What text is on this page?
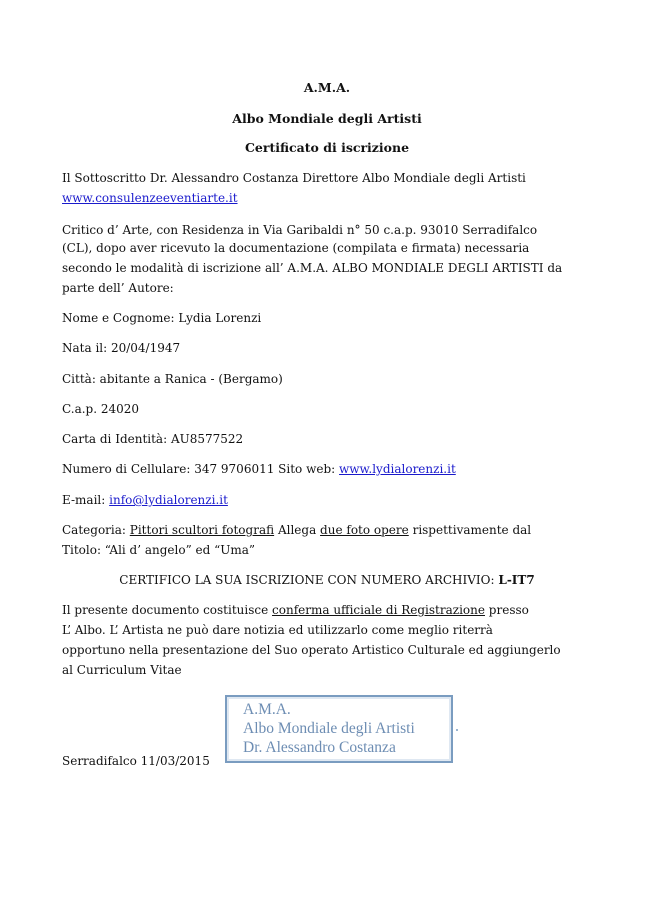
A.M.A.
Albo Mondiale degli Artisti
Certificato di iscrizione
Il Sottoscritto Dr. Alessandro Costanza Direttore Albo Mondiale degli Artisti
www.consulenzeeventiarte.it
Critico d’ Arte, con Residenza in Via Garibaldi n° 50 c.a.p. 93010 Serradifalco
(CL), dopo aver ricevuto la documentazione (compilata e firmata) necessaria
secondo le modalità di iscrizione all’ A.M.A. ALBO MONDIALE DEGLI ARTISTI da
parte dell’ Autore:
Nome e Cognome: Lydia Lorenzi
Nata il: 20/04/1947
Città: abitante a Ranica - (Bergamo)
C.a.p. 24020
Carta di Identità: AU8577522
Numero di Cellulare: 347 9706011 Sito web: www.lydialorenzi.it
E-mail: info@lydialorenzi.it
Categoria: Pittori scultori fotografi Allega due foto opere rispettivamente dal
Titolo: “Ali d’ angelo” ed “Uma”
CERTIFICO LA SUA ISCRIZIONE CON NUMERO ARCHIVIO: L-IT7
Il presente documento costituisce conferma ufficiale di Registrazione presso
L’ Albo. L’ Artista ne può dare notizia ed utilizzarlo come meglio riterrà
opportuno nella presentazione del Suo operato Artistico Culturale ed aggiungerlo
al Curriculum Vitae
Serradifalco 11/03/2015
A.M.A.
Albo Mondiale degli Artisti
Dr. Alessandro Costanza
